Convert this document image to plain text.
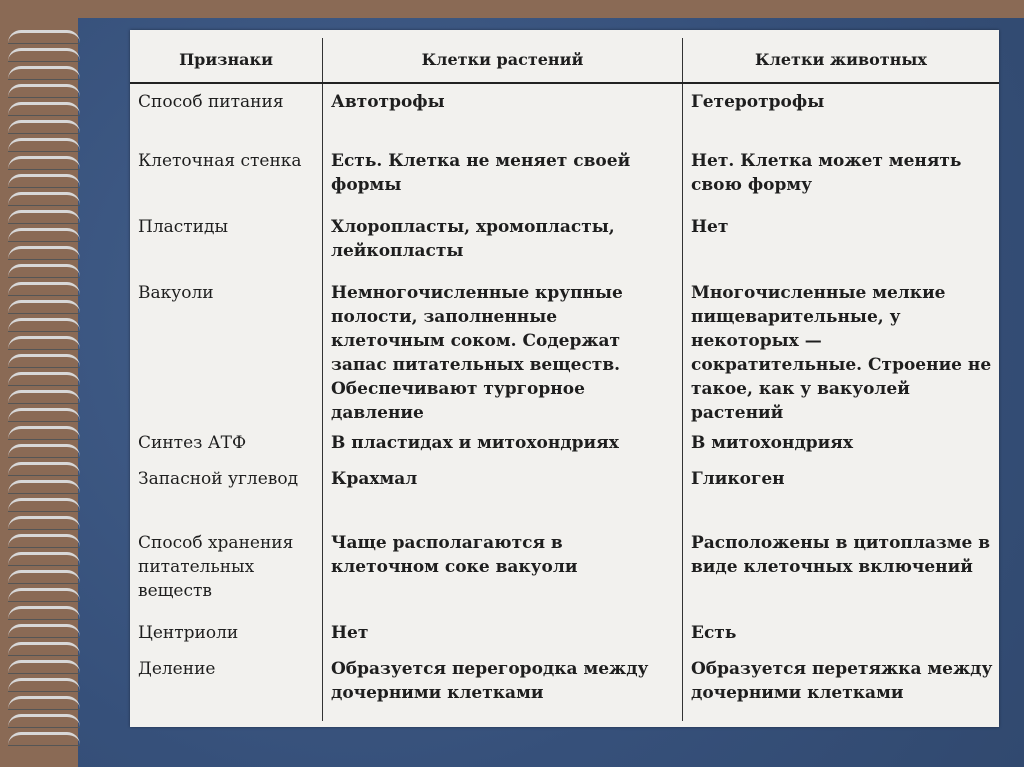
Признаки	Клетки растений	Клетки животных
Способ питания	Автотрофы	Гетеротрофы
Клеточная стенка	Есть. Клетка не меняет своей формы	Нет. Клетка может менять свою форму
Пластиды	Хлоропласты, хромопласты, лейкопласты	Нет
Вакуоли	Немногочисленные крупные полости, заполненные клеточным соком. Содержат запас питательных веществ. Обеспечивают тургорное давление	Многочисленные мелкие пищеварительные, у некоторых — сократительные. Строение не такое, как у вакуолей растений
Синтез АТФ	В пластидах и митохондриях	В митохондриях
Запасной углевод	Крахмал	Гликоген
Способ хранения питательных веществ	Чаще располагаются в клеточном соке вакуоли	Расположены в цитоплазме в виде клеточных включений
Центриоли	Нет	Есть
Деление	Образуется перегородка между дочерними клетками	Образуется перетяжка между дочерними клетками
